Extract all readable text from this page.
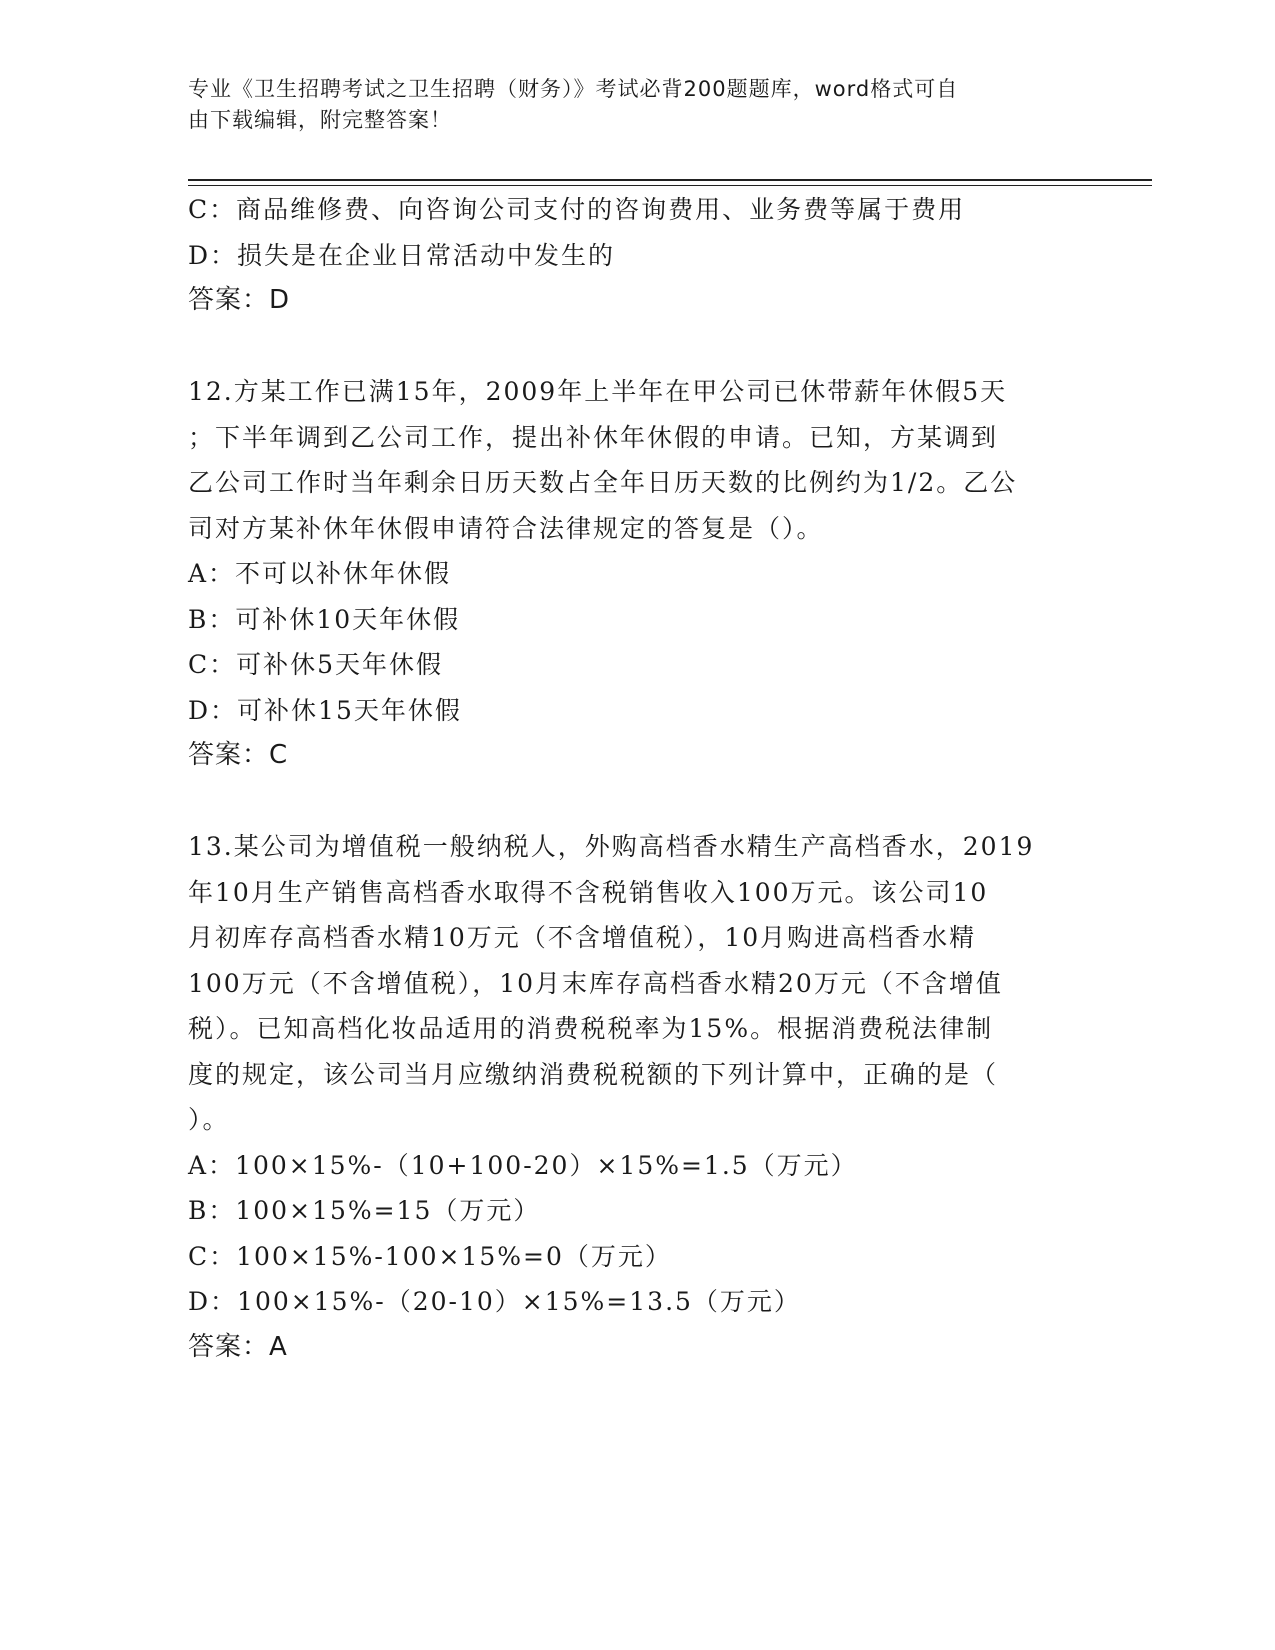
专业《卫生招聘考试之卫生招聘（财务）》考试必背200题题库，word格式可自
由下载编辑，附完整答案！
C：商品维修费、向咨询公司支付的咨询费用、业务费等属于费用
D：损失是在企业日常活动中发生的
答案：D
12.方某工作已满15年，2009年上半年在甲公司已休带薪年休假5天
；下半年调到乙公司工作，提出补休年休假的申请。已知，方某调到
乙公司工作时当年剩余日历天数占全年日历天数的比例约为1/2。乙公
司对方某补休年休假申请符合法律规定的答复是（）。
A：不可以补休年休假
B：可补休10天年休假
C：可补休5天年休假
D：可补休15天年休假
答案：C
13.某公司为增值税一般纳税人，外购高档香水精生产高档香水，2019
年10月生产销售高档香水取得不含税销售收入100万元。该公司10
月初库存高档香水精10万元（不含增值税），10月购进高档香水精
100万元（不含增值税），10月末库存高档香水精20万元（不含增值
税）。已知高档化妆品适用的消费税税率为15%。根据消费税法律制
度的规定，该公司当月应缴纳消费税税额的下列计算中，正确的是（
）。
A：100×15%-（10+100-20）×15%=1.5（万元）
B：100×15%=15（万元）
C：100×15%-100×15%=0（万元）
D：100×15%-（20-10）×15%=13.5（万元）
答案：A
